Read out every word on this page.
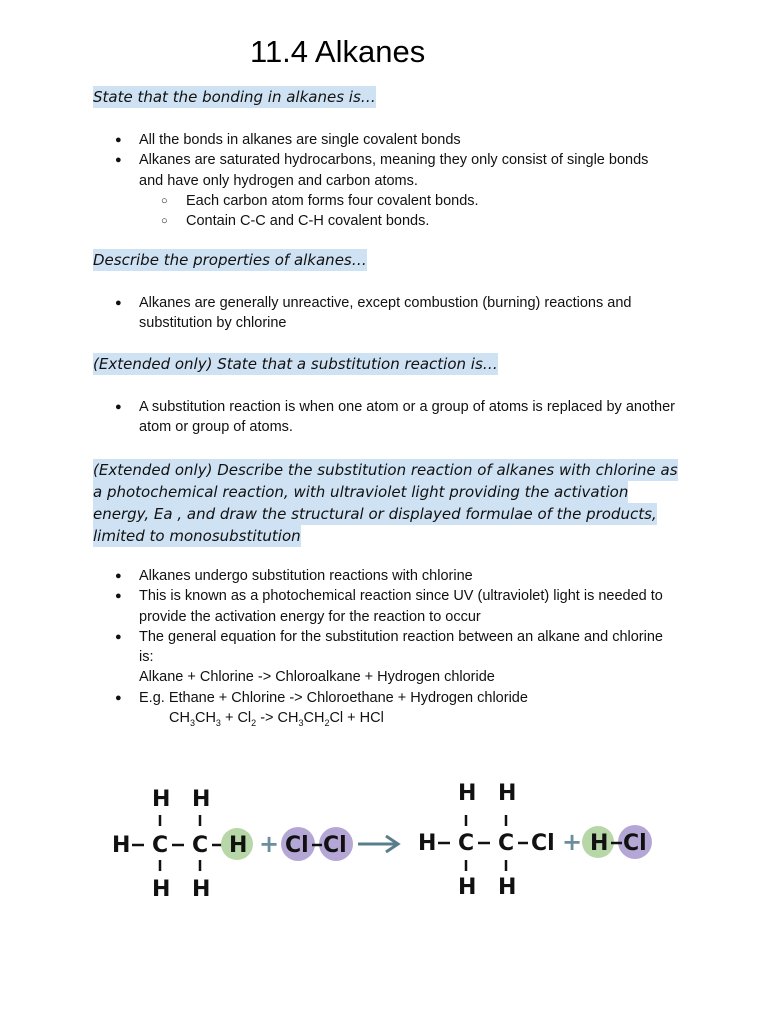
11.4 Alkanes
State that the bonding in alkanes is…
● All the bonds in alkanes are single covalent bonds
● Alkanes are saturated hydrocarbons, meaning they only consist of single bonds and have only hydrogen and carbon atoms.
○ Each carbon atom forms four covalent bonds.
○ Contain C-C and C-H covalent bonds.
Describe the properties of alkanes…
● Alkanes are generally unreactive, except combustion (burning) reactions and substitution by chlorine
(Extended only) State that a substitution reaction is…
● A substitution reaction is when one atom or a group of atoms is replaced by another atom or group of atoms.
(Extended only) Describe the substitution reaction of alkanes with chlorine as a photochemical reaction, with ultraviolet light providing the activation energy, Ea , and draw the structural or displayed formulae of the products, limited to monosubstitution
● Alkanes undergo substitution reactions with chlorine
● This is known as a photochemical reaction since UV (ultraviolet) light is needed to provide the activation energy for the reaction to occur
● The general equation for the substitution reaction between an alkane and chlorine is:
Alkane + Chlorine -> Chloroalkane + Hydrogen chloride
● E.g. Ethane + Chlorine -> Chloroethane + Hydrogen chloride
$CH_3CH_3 + Cl_2 -> CH_3CH_2Cl$ + HCl
H H
H C C
H H
H + Cl Cl
H H
H C C Cl
H H
+ H Cl
